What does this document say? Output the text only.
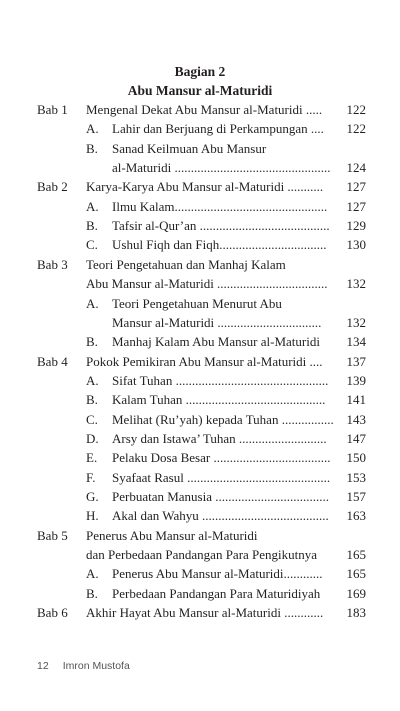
Bagian 2
Abu Mansur al-Maturidi
Bab 1 Mengenal Dekat Abu Mansur al-Maturidi .....	122
A. Lahir dan Berjuang di Perkampungan ....	122
B. Sanad Keilmuan Abu Mansur
al-Maturidi ................................................	124
Bab 2 Karya-Karya Abu Mansur al-Maturidi ...........	127
A. Ilmu Kalam...............................................	127
B. Tafsir al-Qur’an ........................................	129
C. Ushul Fiqh dan Fiqh.................................	130
Bab 3 Teori Pengetahuan dan Manhaj Kalam
Abu Mansur al-Maturidi ..................................	132
A. Teori Pengetahuan Menurut Abu
Mansur al-Maturidi ................................	132
B. Manhaj Kalam Abu Mansur al-Maturidi	134
Bab 4 Pokok Pemikiran Abu Mansur al-Maturidi ....	137
A. Sifat Tuhan ...............................................	139
B. Kalam Tuhan ...........................................	141
C. Melihat (Ru’yah) kepada Tuhan ................ 143
D. Arsy dan Istawa’ Tuhan ...........................	147
E. Pelaku Dosa Besar ....................................	150
F. Syafaat Rasul ............................................	153
G. Perbuatan Manusia ...................................	157
H. Akal dan Wahyu .......................................	163
Bab 5 Penerus Abu Mansur al-Maturidi
dan Perbedaan Pandangan Para Pengikutnya	165
A. Penerus Abu Mansur al-Maturidi............	165
B. Perbedaan Pandangan Para Maturidiyah	169
Bab 6 Akhir Hayat Abu Mansur al-Maturidi ............	183
12 Imron Mustofa
